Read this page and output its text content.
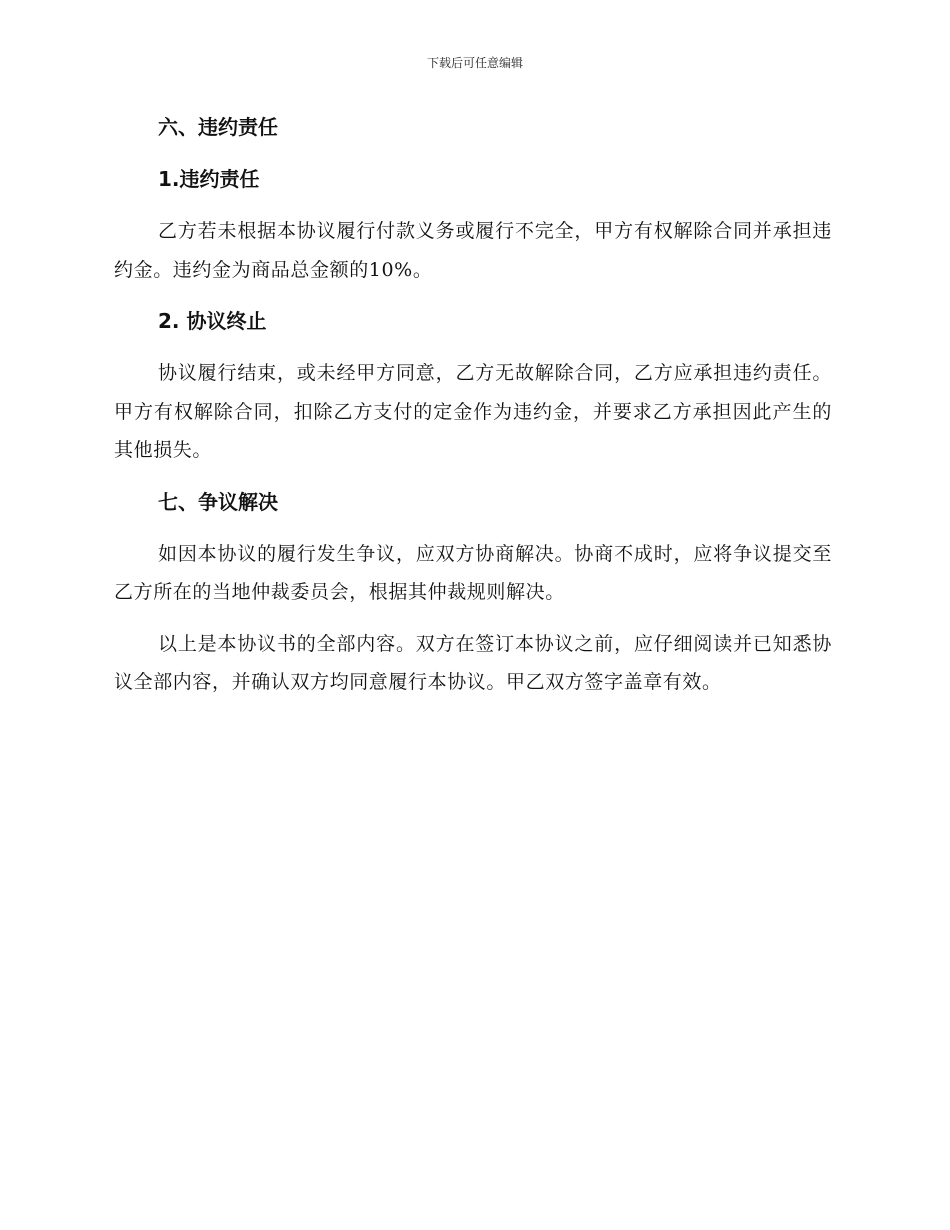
下载后可任意编辑
六、违约责任
1.违约责任

乙方若未根据本协议履行付款义务或履行不完全，甲方有权解除合同并承担违约金。违约金为商品总金额的10%。

2. 协议终止

协议履行结束，或未经甲方同意，乙方无故解除合同，乙方应承担违约责任。甲方有权解除合同，扣除乙方支付的定金作为违约金，并要求乙方承担因此产生的其他损失。

七、争议解决

如因本协议的履行发生争议，应双方协商解决。协商不成时，应将争议提交至乙方所在的当地仲裁委员会，根据其仲裁规则解决。

以上是本协议书的全部内容。双方在签订本协议之前，应仔细阅读并已知悉协议全部内容，并确认双方均同意履行本协议。甲乙双方签字盖章有效。
